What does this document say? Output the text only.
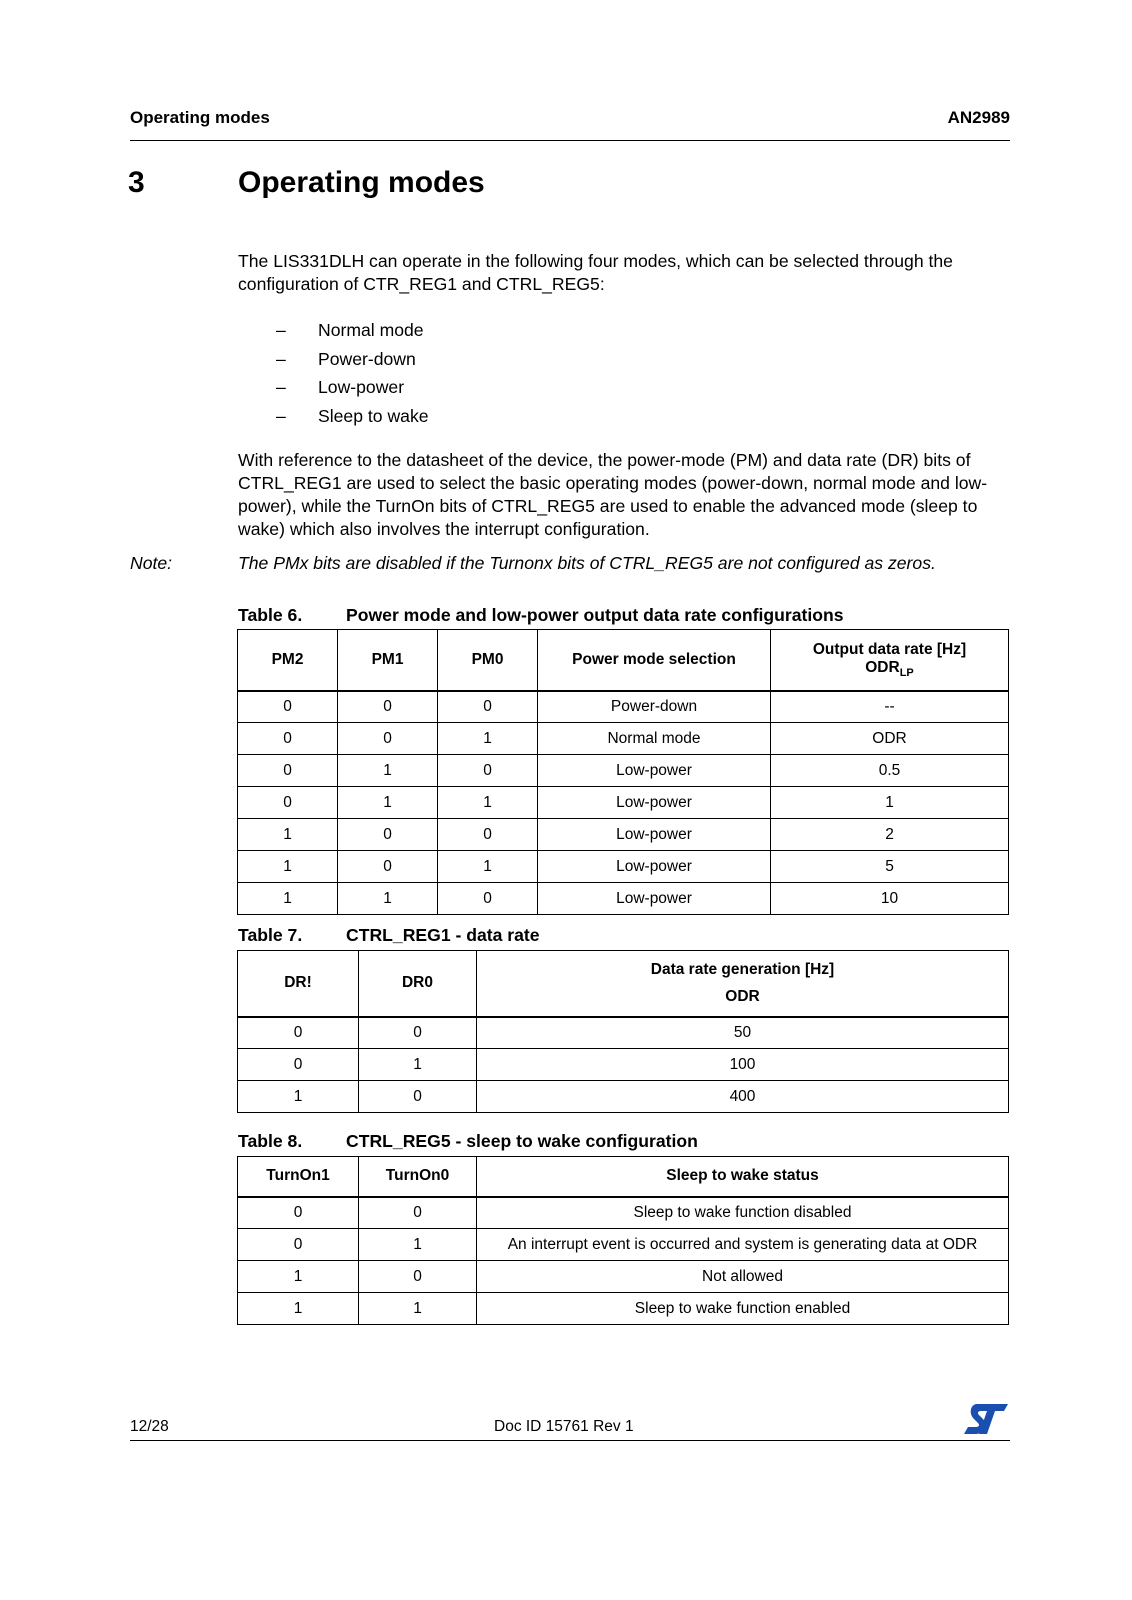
Operating modes	AN2989
3	Operating modes
The LIS331DLH can operate in the following four modes, which can be selected through the configuration of CTR_REG1 and CTRL_REG5:
– Normal mode
– Power-down
– Low-power
– Sleep to wake
With reference to the datasheet of the device, the power-mode (PM) and data rate (DR) bits of CTRL_REG1 are used to select the basic operating modes (power-down, normal mode and low-power), while the TurnOn bits of CTRL_REG5 are used to enable the advanced mode (sleep to wake) which also involves the interrupt configuration.
Note:	The PMx bits are disabled if the Turnonx bits of CTRL_REG5 are not configured as zeros.
Table 6. Power mode and low-power output data rate configurations
PM2	PM1	PM0	Power mode selection	Output data rate [Hz]
$ODR_{LP}$

0	0	0	Power-down	--
0	0	1	Normal mode	ODR
0	1	0	Low-power	0.5
0	1	1	Low-power	1
1	0	0	Low-power	2
1	0	1	Low-power	5
1	1	0	Low-power	10
Table 7. CTRL_REG1 - data rate
DR!	DR0	Data rate generation [Hz]
ODR

0	0	50
0	1	100
1	0	400
Table 8. CTRL_REG5 - sleep to wake configuration
TurnOn1	TurnOn0	Sleep to wake status
0	0	Sleep to wake function disabled
0	1	An interrupt event is occurred and system is generating data at ODR
1	0	Not allowed
1	1	Sleep to wake function enabled
12/28	Doc ID 15761 Rev 1
